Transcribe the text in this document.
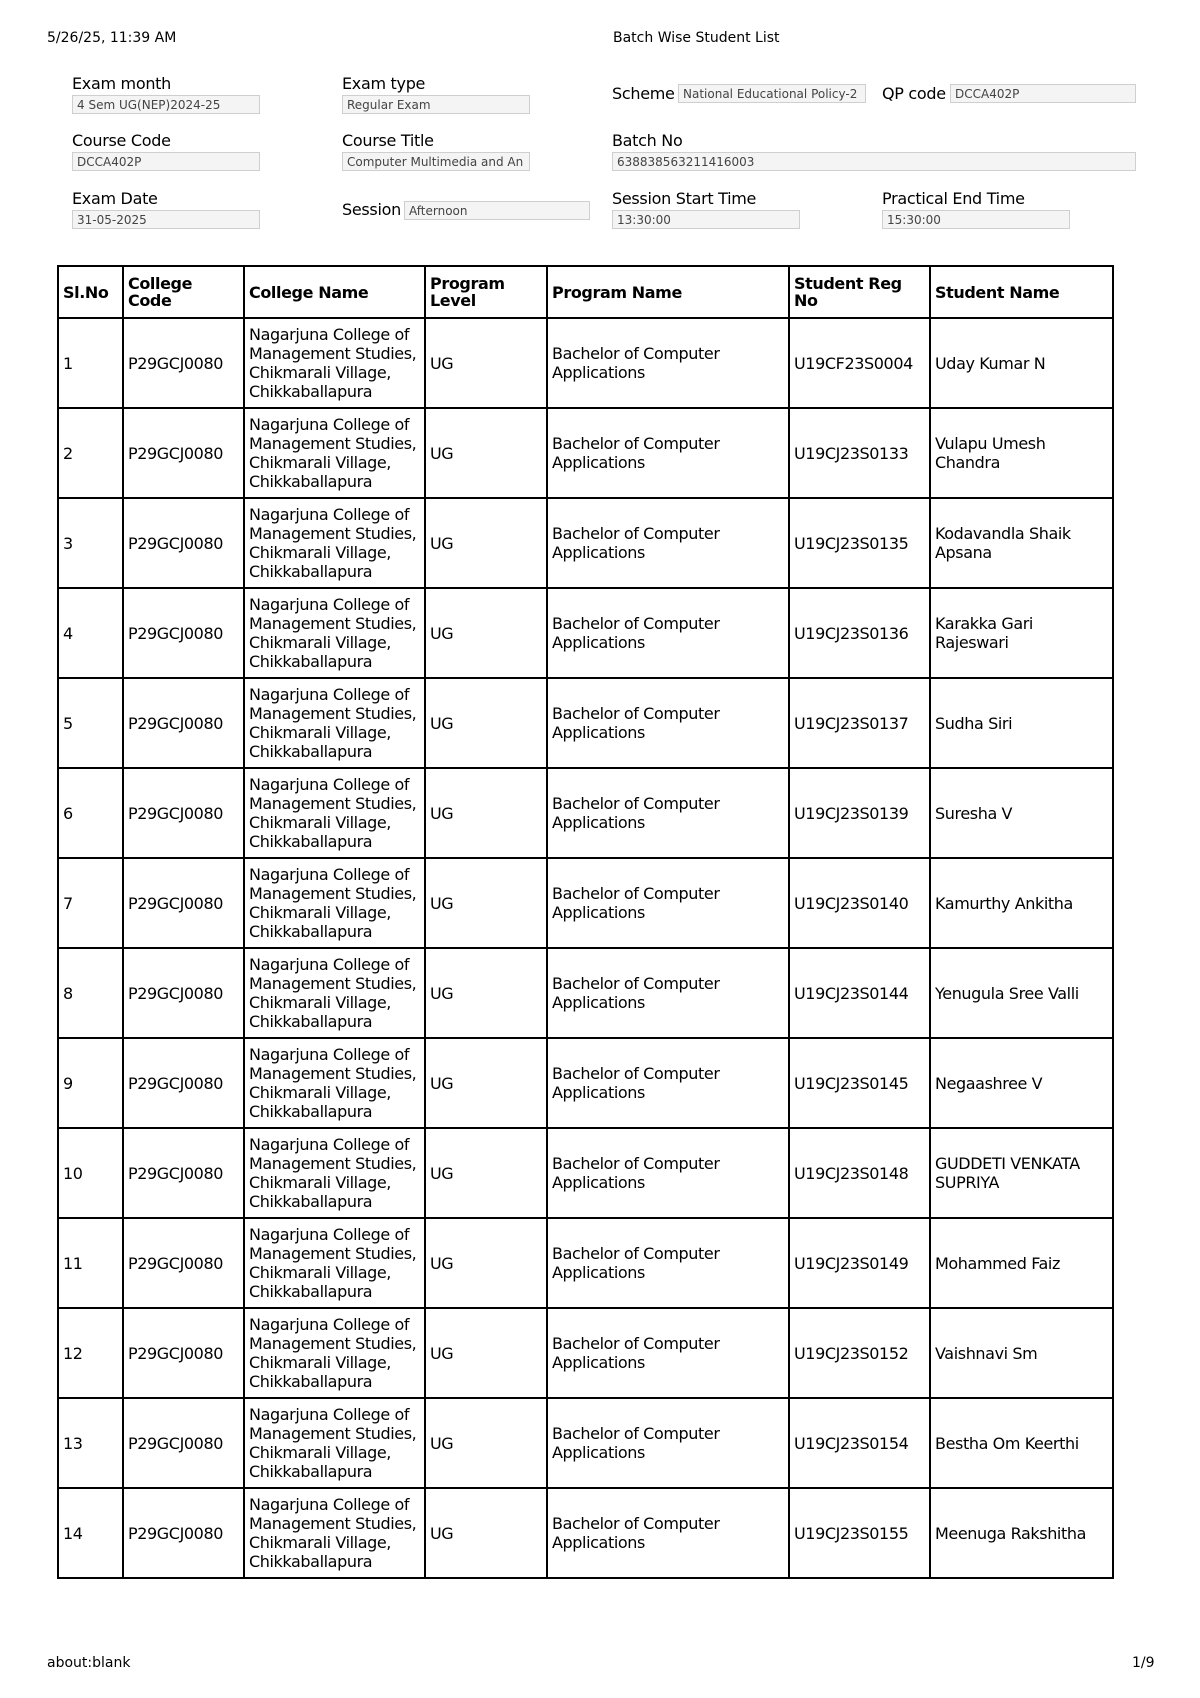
5/26/25, 11:39 AM	Batch Wise Student List
Exam month
4 Sem UG(NEP)2024-25
Exam type
Regular Exam
Scheme National Educational Policy-2	QP code DCCA402P
Course Code
DCCA402P
Course Title
Computer Multimedia and An
Batch No
638838563211416003
Exam Date
31-05-2025
Session Afternoon
Session Start Time
13:30:00
Practical End Time
15:30:00
Sl.No	College Code	College Name	Program Level	Program Name	Student Reg No	Student Name
1	P29GCJ0080	Nagarjuna College of Management Studies, Chikmarali Village, Chikkaballapura	UG	Bachelor of Computer Applications	U19CF23S0004	Uday Kumar N
2	P29GCJ0080	Nagarjuna College of Management Studies, Chikmarali Village, Chikkaballapura	UG	Bachelor of Computer Applications	U19CJ23S0133	Vulapu Umesh Chandra
3	P29GCJ0080	Nagarjuna College of Management Studies, Chikmarali Village, Chikkaballapura	UG	Bachelor of Computer Applications	U19CJ23S0135	Kodavandla Shaik Apsana
4	P29GCJ0080	Nagarjuna College of Management Studies, Chikmarali Village, Chikkaballapura	UG	Bachelor of Computer Applications	U19CJ23S0136	Karakka Gari Rajeswari
5	P29GCJ0080	Nagarjuna College of Management Studies, Chikmarali Village, Chikkaballapura	UG	Bachelor of Computer Applications	U19CJ23S0137	Sudha Siri
6	P29GCJ0080	Nagarjuna College of Management Studies, Chikmarali Village, Chikkaballapura	UG	Bachelor of Computer Applications	U19CJ23S0139	Suresha V
7	P29GCJ0080	Nagarjuna College of Management Studies, Chikmarali Village, Chikkaballapura	UG	Bachelor of Computer Applications	U19CJ23S0140	Kamurthy Ankitha
8	P29GCJ0080	Nagarjuna College of Management Studies, Chikmarali Village, Chikkaballapura	UG	Bachelor of Computer Applications	U19CJ23S0144	Yenugula Sree Valli
9	P29GCJ0080	Nagarjuna College of Management Studies, Chikmarali Village, Chikkaballapura	UG	Bachelor of Computer Applications	U19CJ23S0145	Negaashree V
10	P29GCJ0080	Nagarjuna College of Management Studies, Chikmarali Village, Chikkaballapura	UG	Bachelor of Computer Applications	U19CJ23S0148	GUDDETI VENKATA SUPRIYA
11	P29GCJ0080	Nagarjuna College of Management Studies, Chikmarali Village, Chikkaballapura	UG	Bachelor of Computer Applications	U19CJ23S0149	Mohammed Faiz
12	P29GCJ0080	Nagarjuna College of Management Studies, Chikmarali Village, Chikkaballapura	UG	Bachelor of Computer Applications	U19CJ23S0152	Vaishnavi Sm
13	P29GCJ0080	Nagarjuna College of Management Studies, Chikmarali Village, Chikkaballapura	UG	Bachelor of Computer Applications	U19CJ23S0154	Bestha Om Keerthi
14	P29GCJ0080	Nagarjuna College of Management Studies, Chikmarali Village, Chikkaballapura	UG	Bachelor of Computer Applications	U19CJ23S0155	Meenuga Rakshitha
about:blank	1/9
